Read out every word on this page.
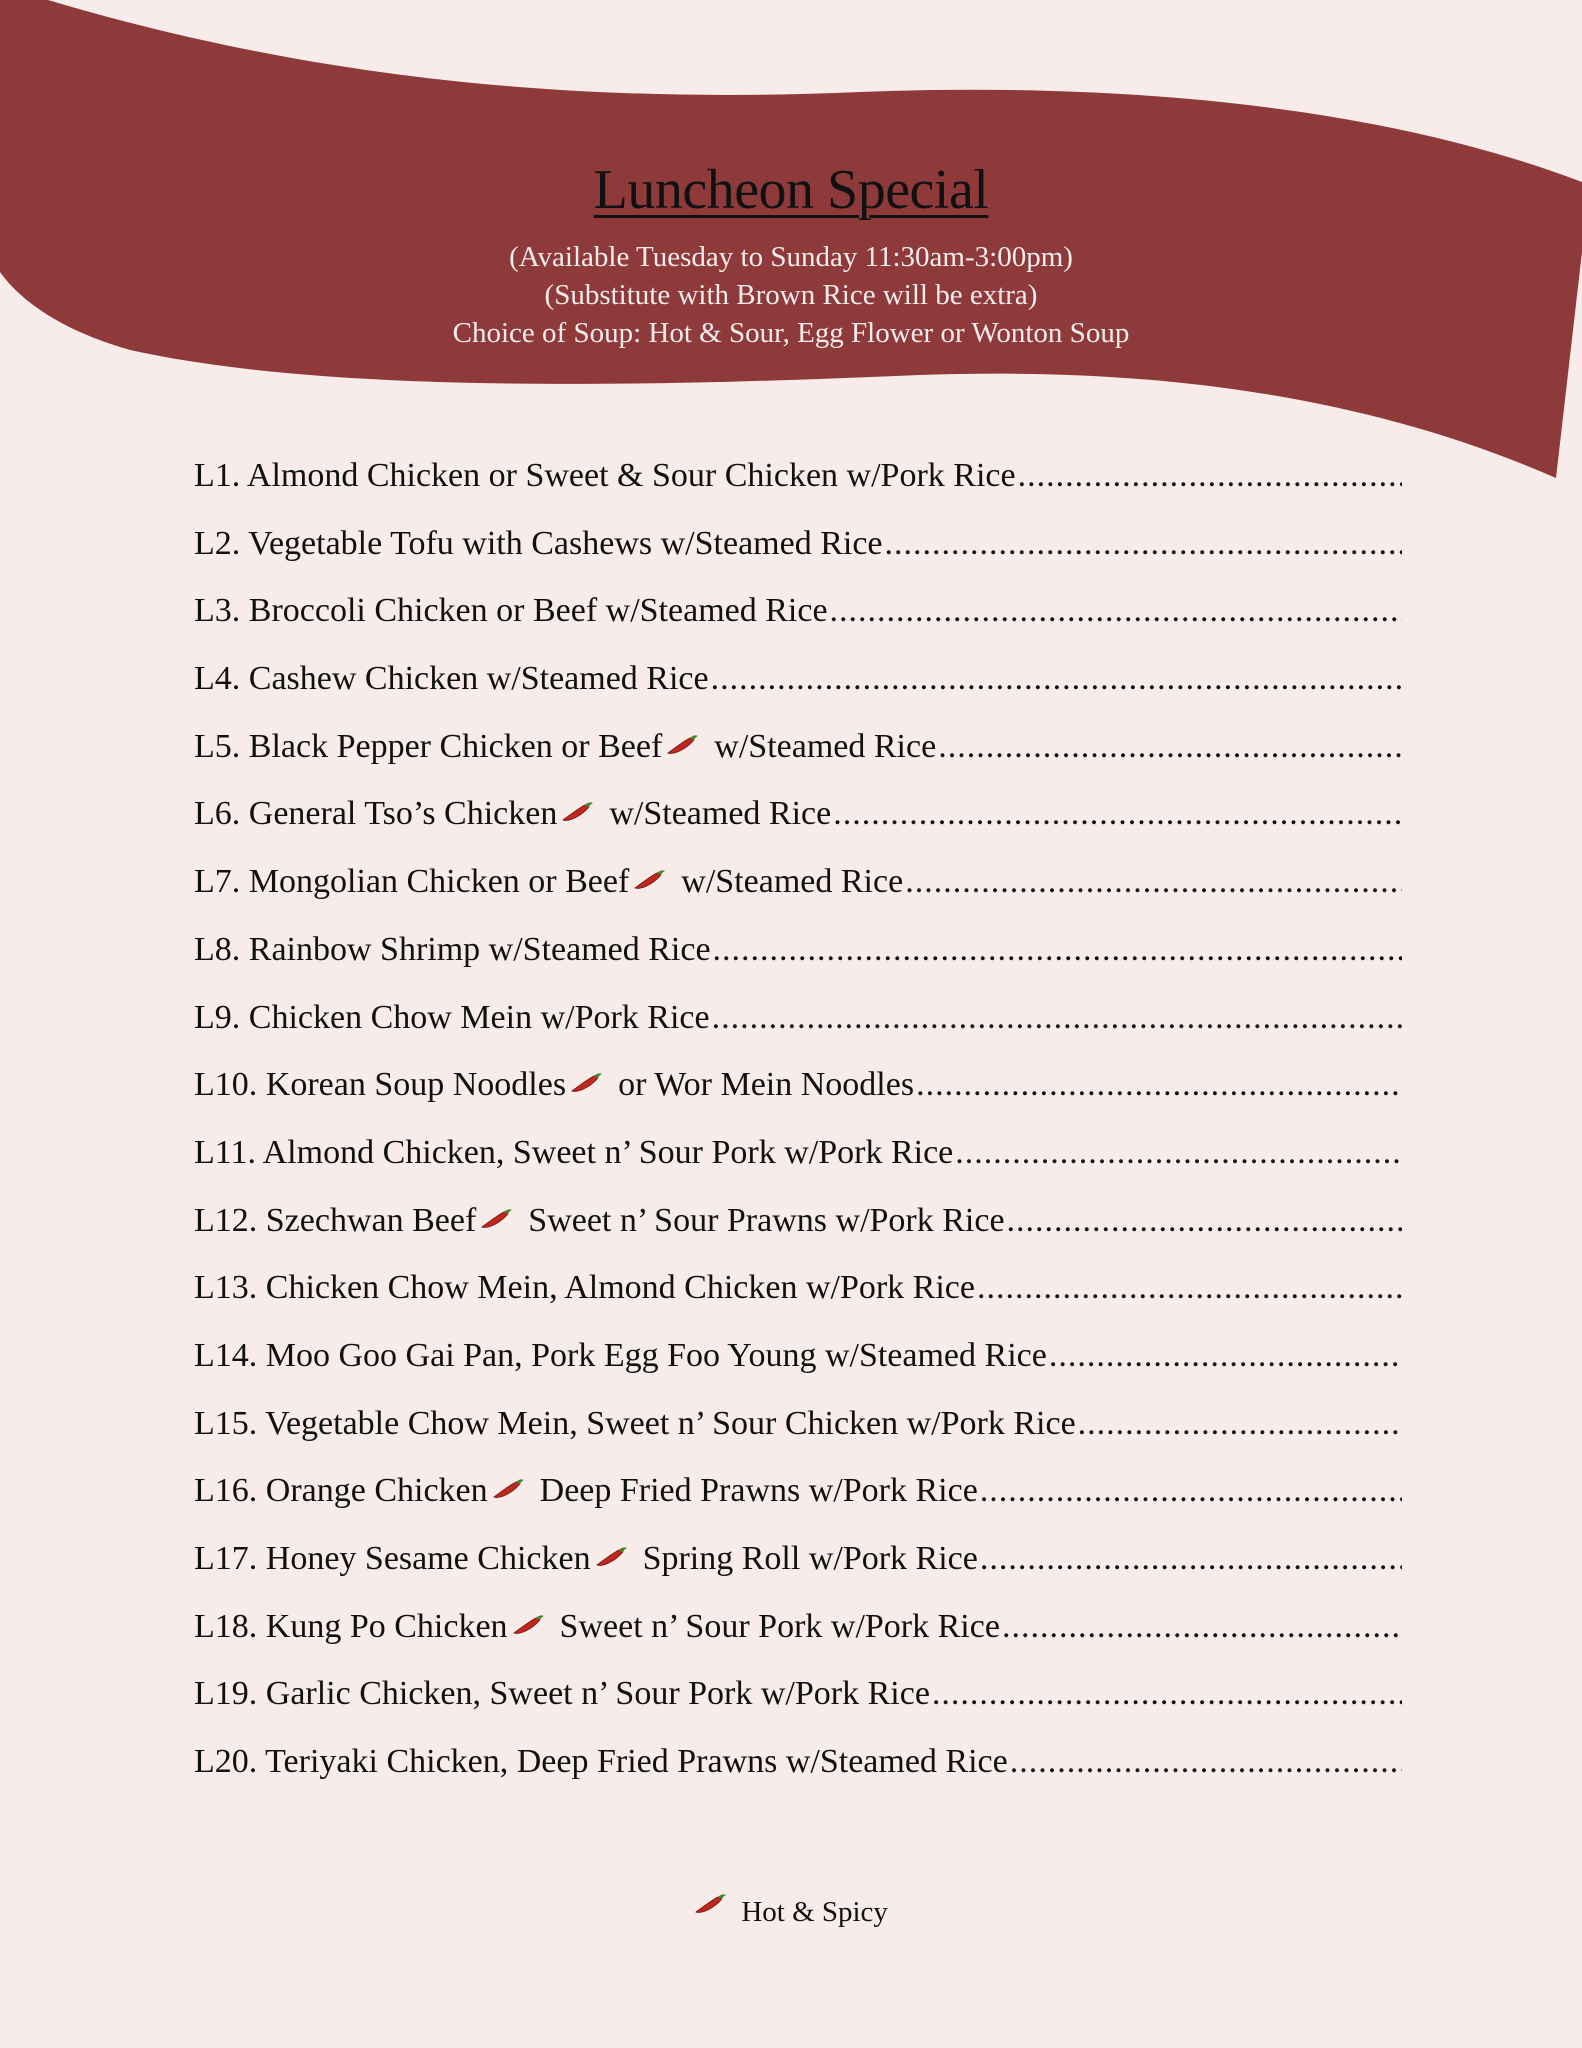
Luncheon Special
(Available Tuesday to Sunday 11:30am-3:00pm)
(Substitute with Brown Rice will be extra)
Choice of Soup: Hot & Sour, Egg Flower or Wonton Soup
L1. Almond Chicken or Sweet & Sour Chicken w/Pork Rice
.....
L2. Vegetable Tofu with Cashews w/Steamed Rice
.....
L3. Broccoli Chicken or Beef w/Steamed Rice
.....
L4. Cashew Chicken w/Steamed Rice
.....
L5. Black Pepper Chicken or Beef w/Steamed Rice
.....
L6. General Tso’s Chicken w/Steamed Rice
.....
L7. Mongolian Chicken or Beef w/Steamed Rice
.....
L8. Rainbow Shrimp w/Steamed Rice
.....
L9. Chicken Chow Mein w/Pork Rice
.....
L10. Korean Soup Noodles or Wor Mein Noodles
.....
L11. Almond Chicken, Sweet n’ Sour Pork w/Pork Rice
.....
L12. Szechwan Beef Sweet n’ Sour Prawns w/Pork Rice
.....
L13. Chicken Chow Mein, Almond Chicken w/Pork Rice
.....
L14. Moo Goo Gai Pan, Pork Egg Foo Young w/Steamed Rice
.....
L15. Vegetable Chow Mein, Sweet n’ Sour Chicken w/Pork Rice
.....
L16. Orange Chicken Deep Fried Prawns w/Pork Rice
.....
L17. Honey Sesame Chicken Spring Roll w/Pork Rice
.....
L18. Kung Po Chicken Sweet n’ Sour Pork w/Pork Rice
.....
L19. Garlic Chicken, Sweet n’ Sour Pork w/Pork Rice
.....
L20. Teriyaki Chicken, Deep Fried Prawns w/Steamed Rice
.....
Hot & Spicy
